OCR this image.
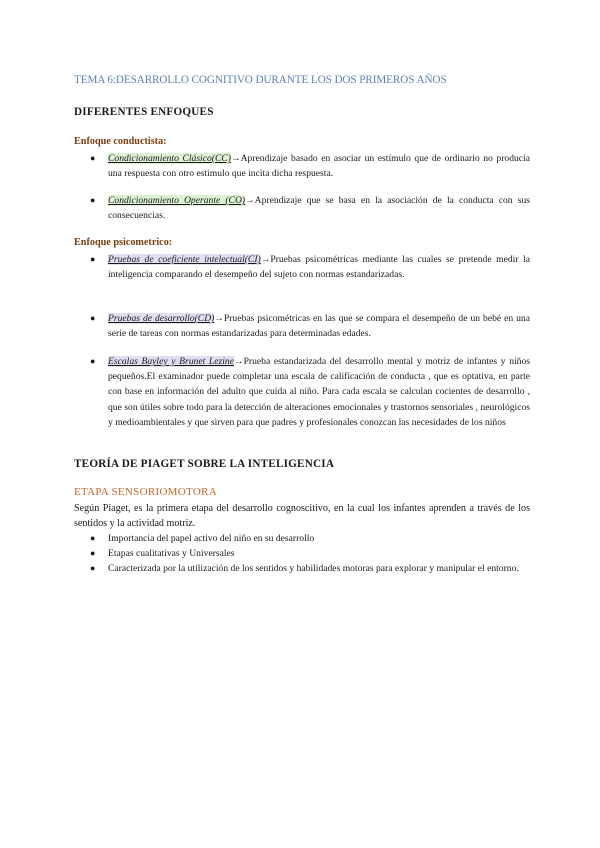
TEMA 6:DESARROLLO COGNITIVO DURANTE LOS DOS PRIMEROS AÑOS
DIFERENTES ENFOQUES
Enfoque conductista:
● Condicionamiento Clásico(CC)→Aprendizaje basado en asociar un estímulo que de ordinario no producía una respuesta con otro estimulo que incita dicha respuesta.
● Condicionamiento Operante (CO)→Aprendizaje que se basa en la asociación de la conducta con sus consecuencias.
Enfoque psicometrico:
● Pruebas de coeficiente intelectual(CI)→Pruebas psicométricas mediante las cuales se pretende medir la inteligencia comparando el desempeño del sujeto con normas estandarizadas.
● Pruebas de desarrollo(CD)→Pruebas psicométricas en las que se compara el desempeño de un bebé en una serie de tareas con normas estandarizadas para determinadas edades.
● Escalas Bayley y Brunet Lezine→Prueba estandarizada del desarrollo mental y motriz de infantes y niños pequeños.El examinador puede completar una escala de calificación de conducta , que es optativa, en parte con base en información del adulto que cuida al niño. Para cada escala se calculan cocientes de desarrollo , que son útiles sobre todo para la detección de alteraciones emocionales y trastornos sensoriales , neurológicos y medioambientales y que sirven para que padres y profesionales conozcan las necesidades de los niños
TEORÍA DE PIAGET SOBRE LA INTELIGENCIA
ETAPA SENSORIOMOTORA
Según Piaget, es la primera etapa del desarrollo cognoscitivo, en la cual los infantes aprenden a través de los sentidos y la actividad motriz.
● Importancia del papel activo del niño en su desarrollo
● Etapas cualitativas y Universales
● Caracterizada por la utilización de los sentidos y habilidades motoras para explorar y manipular el entorno.
